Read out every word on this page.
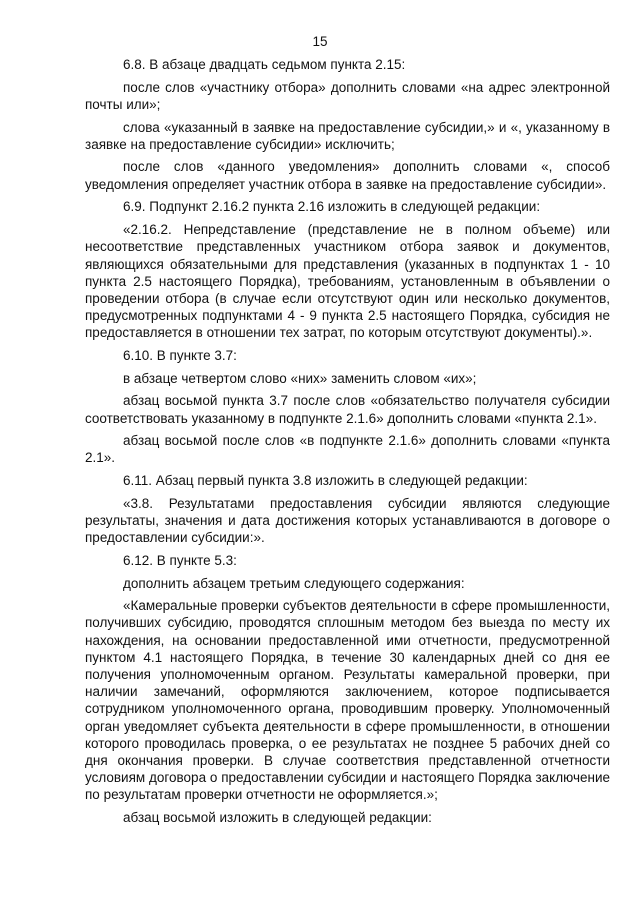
15

6.8. В абзаце двадцать седьмом пункта 2.15:

после слов «участнику отбора» дополнить словами «на адрес электронной почты или»;

слова «указанный в заявке на предоставление субсидии,» и «, указанному в заявке на предоставление субсидии» исключить;

после слов «данного уведомления» дополнить словами «, способ уведомления определяет участник отбора в заявке на предоставление субсидии».

6.9. Подпункт 2.16.2 пункта 2.16 изложить в следующей редакции:

«2.16.2. Непредставление (представление не в полном объеме) или несоответствие представленных участником отбора заявок и документов, являющихся обязательными для представления (указанных в подпунктах 1 - 10 пункта 2.5 настоящего Порядка), требованиям, установленным в объявлении о проведении отбора (в случае если отсутствуют один или несколько документов, предусмотренных подпунктами 4 - 9 пункта 2.5 настоящего Порядка, субсидия не предоставляется в отношении тех затрат, по которым отсутствуют документы).».

6.10. В пункте 3.7:

в абзаце четвертом слово «них» заменить словом «их»;

абзац восьмой пункта 3.7 после слов «обязательство получателя субсидии соответствовать указанному в подпункте 2.1.6» дополнить словами «пункта 2.1».

абзац восьмой после слов «в подпункте 2.1.6» дополнить словами «пункта 2.1».

6.11. Абзац первый пункта 3.8 изложить в следующей редакции:

«3.8. Результатами предоставления субсидии являются следующие результаты, значения и дата достижения которых устанавливаются в договоре о предоставлении субсидии:».

6.12. В пункте 5.3:

дополнить абзацем третьим следующего содержания:

«Камеральные проверки субъектов деятельности в сфере промышленности, получивших субсидию, проводятся сплошным методом без выезда по месту их нахождения, на основании предоставленной ими отчетности, предусмотренной пунктом 4.1 настоящего Порядка, в течение 30 календарных дней со дня ее получения уполномоченным органом. Результаты камеральной проверки, при наличии замечаний, оформляются заключением, которое подписывается сотрудником уполномоченного органа, проводившим проверку. Уполномоченный орган уведомляет субъекта деятельности в сфере промышленности, в отношении которого проводилась проверка, о ее результатах не позднее 5 рабочих дней со дня окончания проверки. В случае соответствия представленной отчетности условиям договора о предоставлении субсидии и настоящего Порядка заключение по результатам проверки отчетности не оформляется.»;

абзац восьмой изложить в следующей редакции:
